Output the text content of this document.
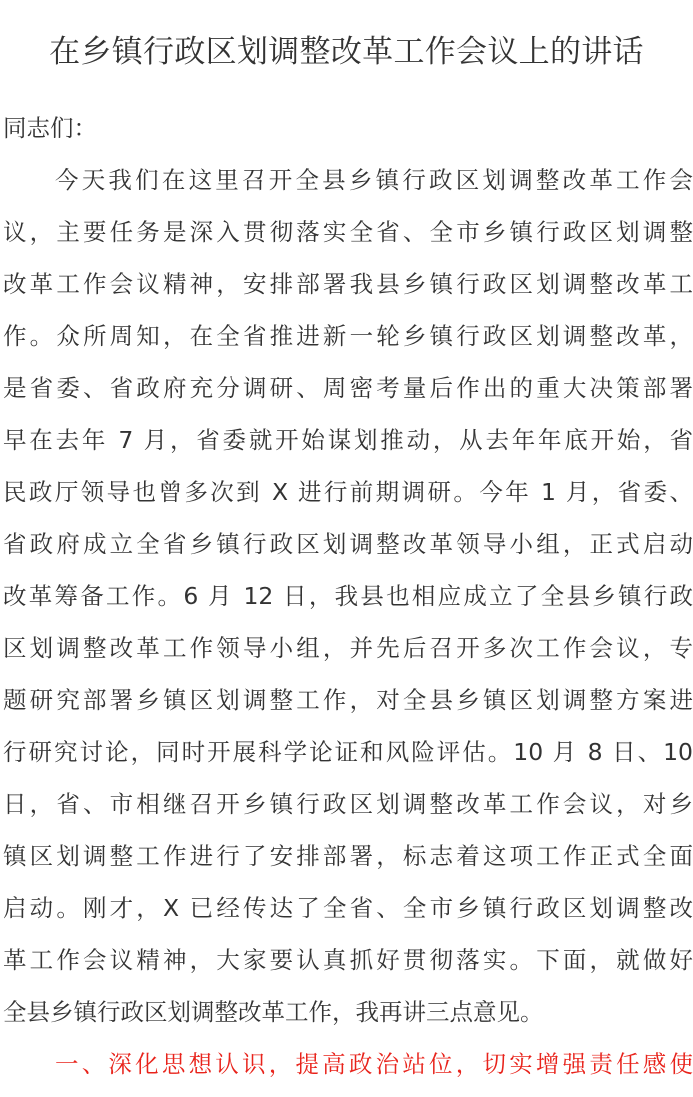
在乡镇行政区划调整改革工作会议上的讲话
同志们：
今天我们在这里召开全县乡镇行政区划调整改革工作会
议，主要任务是深入贯彻落实全省、全市乡镇行政区划调整
改革工作会议精神，安排部署我县乡镇行政区划调整改革工
作。众所周知，在全省推进新一轮乡镇行政区划调整改革，
是省委、省政府充分调研、周密考量后作出的重大决策部署
早在去年 7 月，省委就开始谋划推动，从去年年底开始，省
民政厅领导也曾多次到 X 进行前期调研。今年 1 月，省委、
省政府成立全省乡镇行政区划调整改革领导小组，正式启动
改革筹备工作。6 月 12 日，我县也相应成立了全县乡镇行政
区划调整改革工作领导小组，并先后召开多次工作会议，专
题研究部署乡镇区划调整工作，对全县乡镇区划调整方案进
行研究讨论，同时开展科学论证和风险评估。10 月 8 日、10
日，省、市相继召开乡镇行政区划调整改革工作会议，对乡
镇区划调整工作进行了安排部署，标志着这项工作正式全面
启动。刚才，X 已经传达了全省、全市乡镇行政区划调整改
革工作会议精神，大家要认真抓好贯彻落实。下面，就做好
全县乡镇行政区划调整改革工作，我再讲三点意见。
一、深化思想认识，提高政治站位，切实增强责任感使
